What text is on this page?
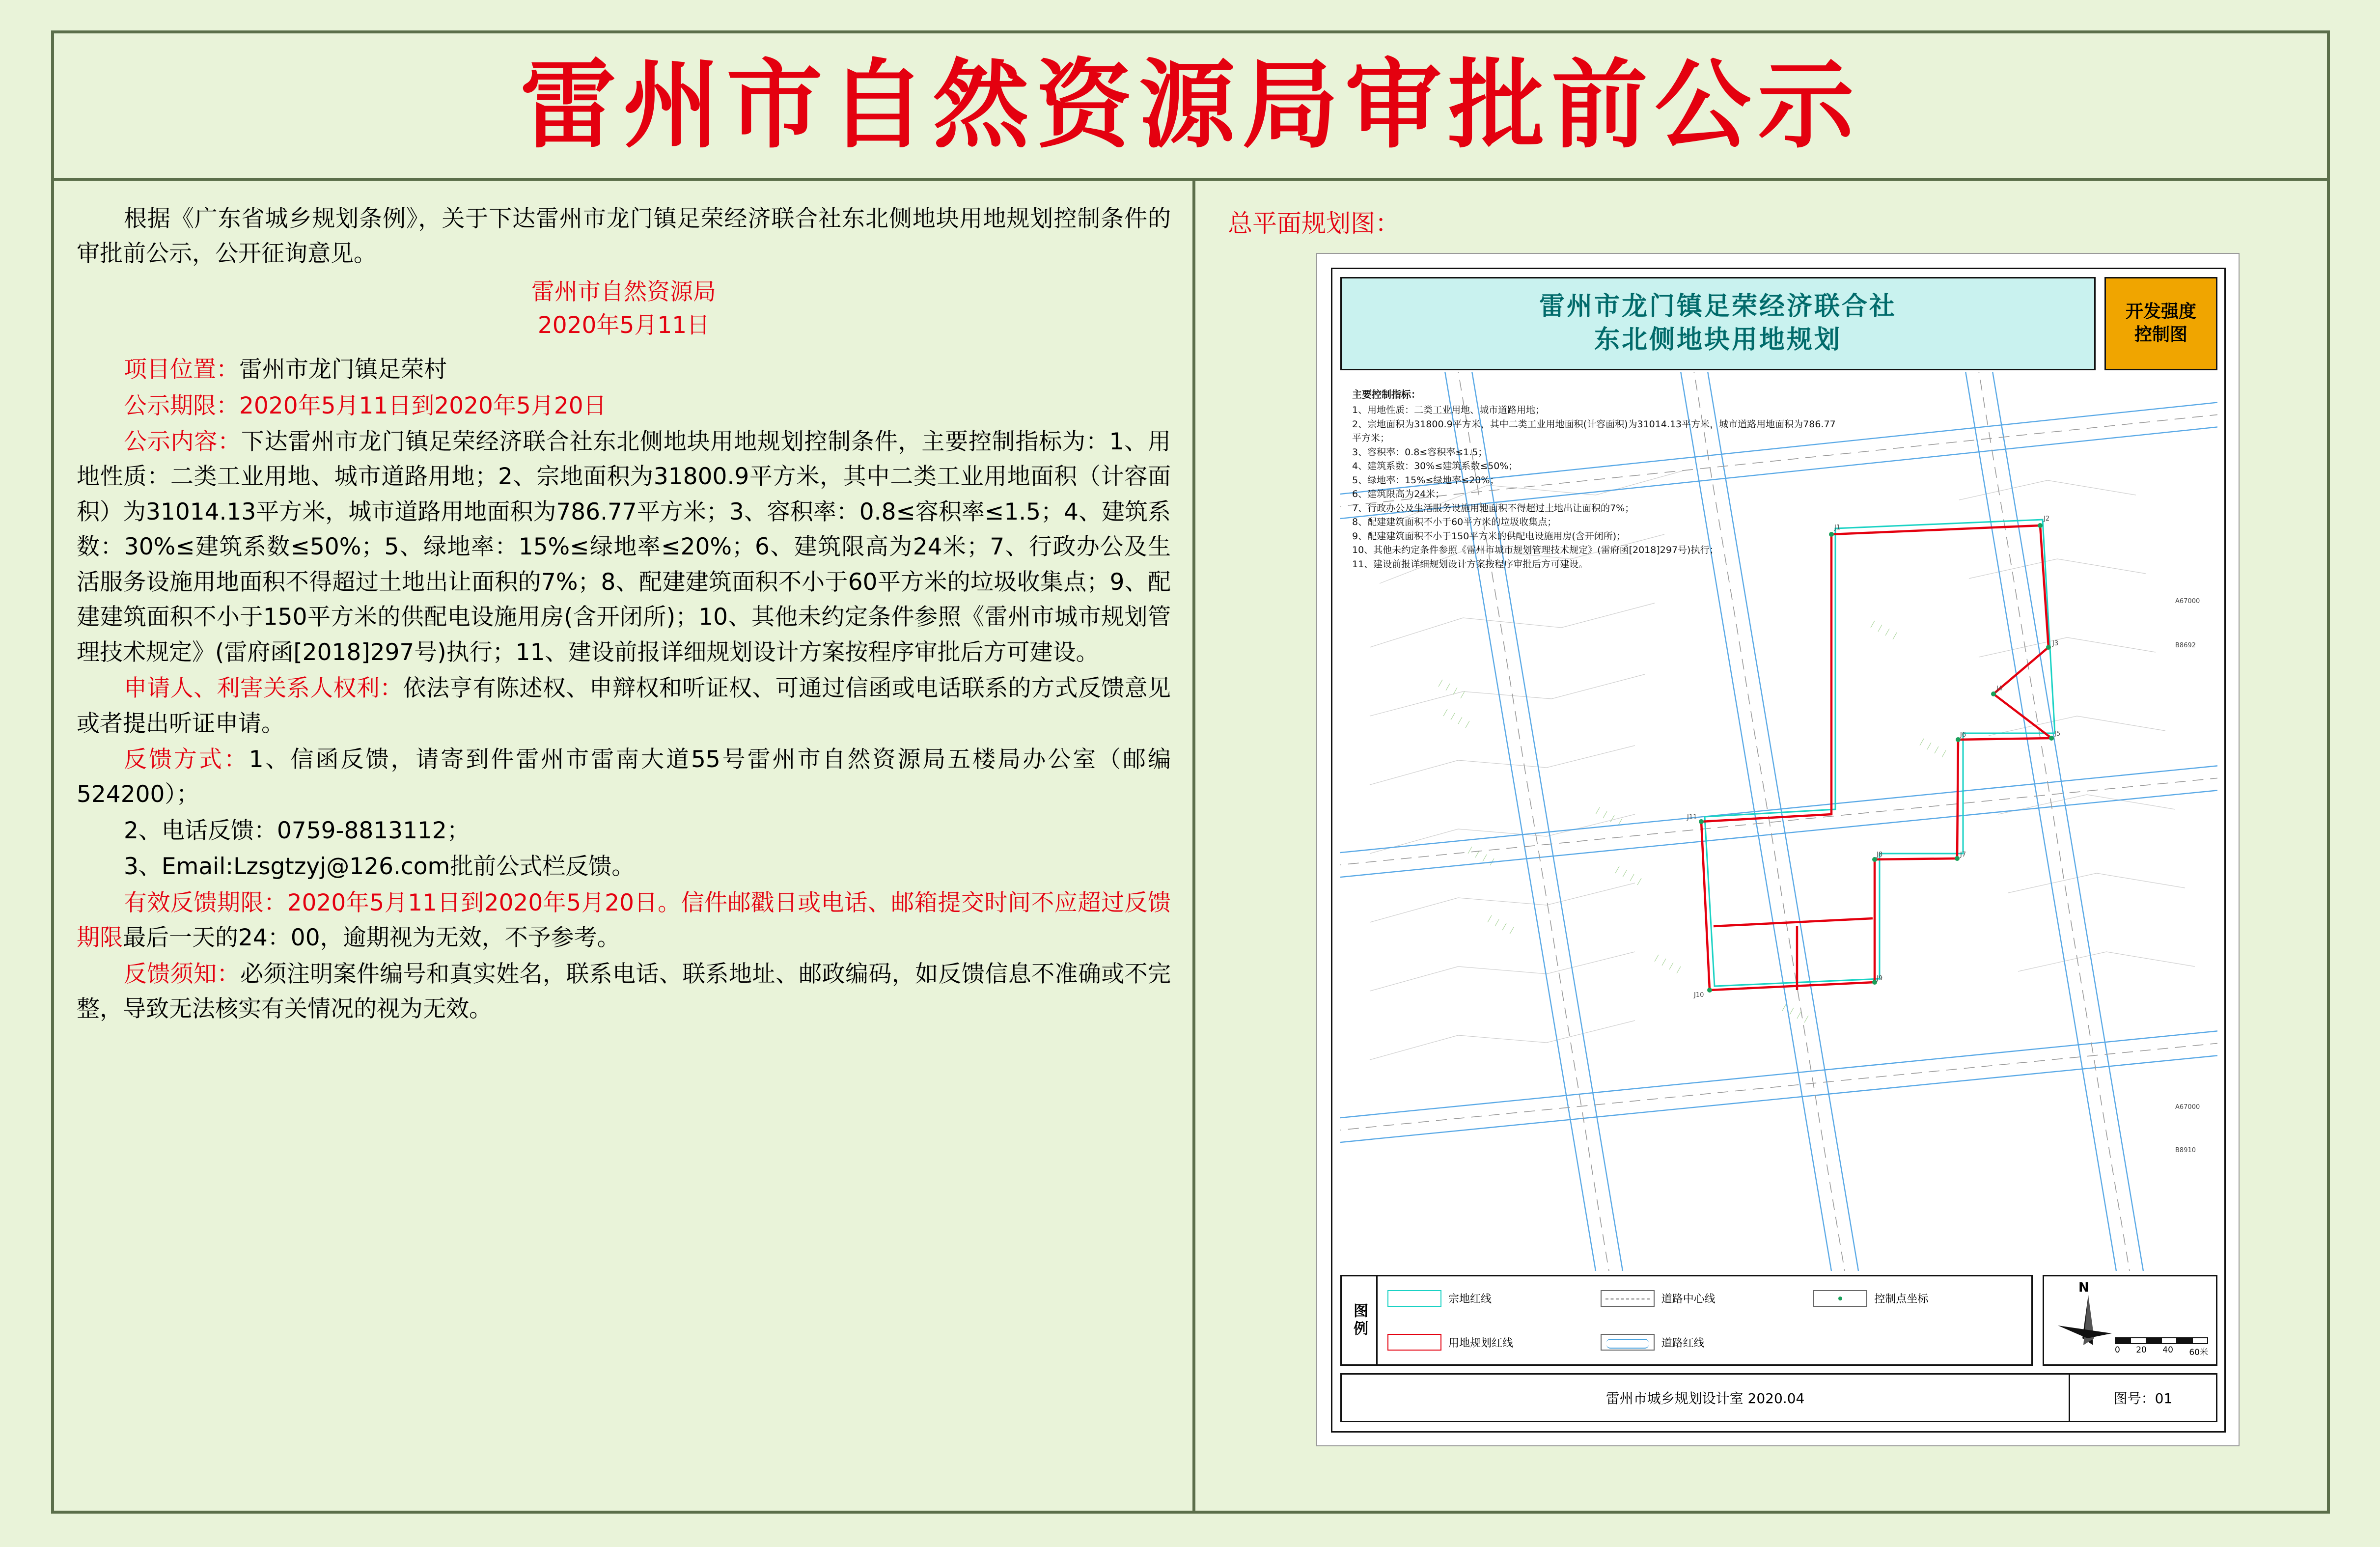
雷州市自然资源局审批前公示
根据《广东省城乡规划条例》，关于下达雷州市龙门镇足荣经济联合社东北侧地块用地规划控制条件的审批前公示，公开征询意见。
雷州市自然资源局
2020年5月11日
项目位置：雷州市龙门镇足荣村
公示期限：2020年5月11日到2020年5月20日
公示内容：下达雷州市龙门镇足荣经济联合社东北侧地块用地规划控制条件，主要控制指标为：1、用地性质：二类工业用地、城市道路用地；2、宗地面积为31800.9平方米，其中二类工业用地面积（计容面积）为31014.13平方米，城市道路用地面积为786.77平方米；3、容积率：0.8≤容积率≤1.5；4、建筑系数：30%≤建筑系数≤50%；5、绿地率：15%≤绿地率≤20%；6、建筑限高为24米；7、行政办公及生活服务设施用地面积不得超过土地出让面积的7%；8、配建建筑面积不小于60平方米的垃圾收集点；9、配建建筑面积不小于150平方米的供配电设施用房(含开闭所)；10、其他未约定条件参照《雷州市城市规划管理技术规定》(雷府函[2018]297号)执行；11、建设前报详细规划设计方案按程序审批后方可建设。
申请人、利害关系人权利：依法亨有陈述权、申辩权和听证权、可通过信函或电话联系的方式反馈意见或者提出听证申请。
反馈方式：1、信函反馈，请寄到件雷州市雷南大道55号雷州市自然资源局五楼局办公室（邮编524200）；
2、电话反馈：0759-8813112；
3、Email:Lzsgtzyj@126.com批前公式栏反馈。
有效反馈期限：2020年5月11日到2020年5月20日。信件邮戳日或电话、邮箱提交时间不应超过反馈期限最后一天的24：00，逾期视为无效，不予参考。
反馈须知：必须注明案件编号和真实姓名，联系电话、联系地址、邮政编码，如反馈信息不准确或不完整，导致无法核实有关情况的视为无效。
总平面规划图：
雷州市龙门镇足荣经济联合社
东北侧地块用地规划
开发强度
控制图
J1
J2
J3
J4
J5
J6
J7
J8
J9
J10
J11
A67000
B8692
A67000
B8910
主要控制指标：
1、用地性质：二类工业用地、城市道路用地；
2、宗地面积为31800.9平方米，其中二类工业用地面积(计容面积)为31014.13平方米，城市道路用地面积为786.77平方米；
3、容积率：0.8≤容积率≤1.5；
4、建筑系数：30%≤建筑系数≤50%；
5、绿地率：15%≤绿地率≤20%；
6、建筑限高为24米；
7、行政办公及生活服务设施用地面积不得超过土地出让面积的7%；
8、配建建筑面积不小于60平方米的垃圾收集点；
9、配建建筑面积不小于150平方米的供配电设施用房(含开闭所)；
10、其他未约定条件参照《雷州市城市规划管理技术规定》(雷府函[2018]297号)执行；
11、建设前报详细规划设计方案按程序审批后方可建设。
图例
宗地红线	道路中心线	控制点坐标
用地规划红线	道路红线
N
0 20 40 60米
雷州市城乡规划设计室 2020.04	图号：01
